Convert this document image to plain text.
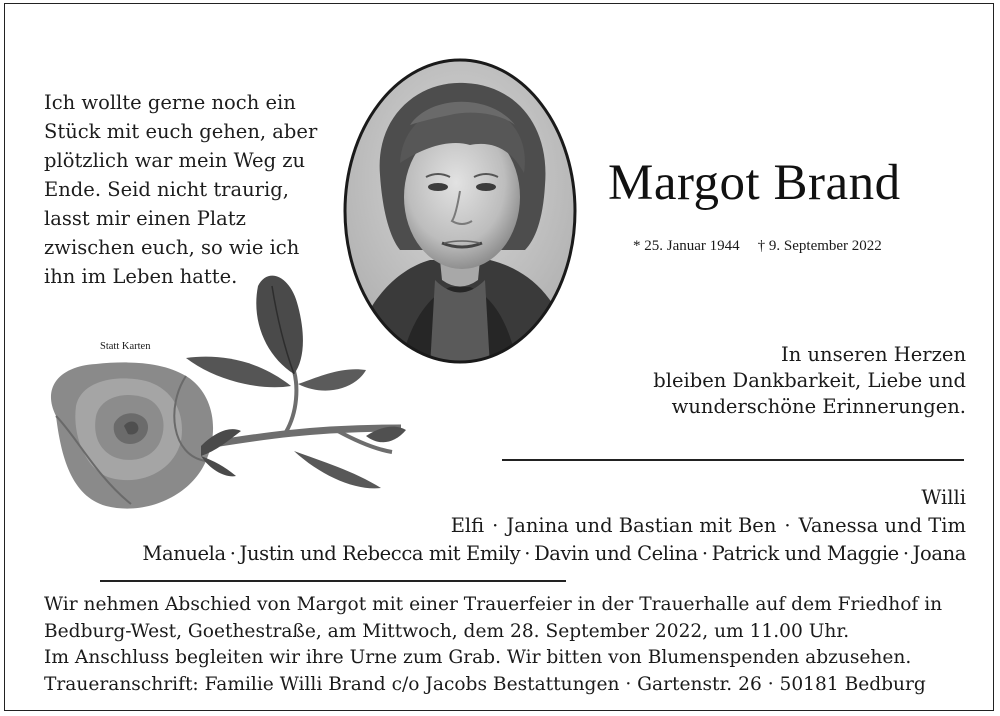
Ich wollte gerne noch ein
Stück mit euch gehen, aber
plötzlich war mein Weg zu
Ende. Seid nicht traurig,
lasst mir einen Platz
zwischen euch, so wie ich
ihn im Leben hatte.
Margot Brand
* 25. Januar 1944 † 9. September 2022
Statt Karten	In unseren Herzen
bleiben Dankbarkeit, Liebe und
wunderschöne Erinnerungen.
Willi
Elfi · Janina und Bastian mit Ben · Vanessa und Tim
Manuela · Justin und Rebecca mit Emily · Davin und Celina · Patrick und Maggie · Joana
Wir nehmen Abschied von Margot mit einer Trauerfeier in der Trauerhalle auf dem Friedhof in
Bedburg-West, Goethestraße, am Mittwoch, dem 28. September 2022, um 11.00 Uhr.
Im Anschluss begleiten wir ihre Urne zum Grab. Wir bitten von Blumenspenden abzusehen.
Traueranschrift: Familie Willi Brand c/o Jacobs Bestattungen · Gartenstr. 26 · 50181 Bedburg
